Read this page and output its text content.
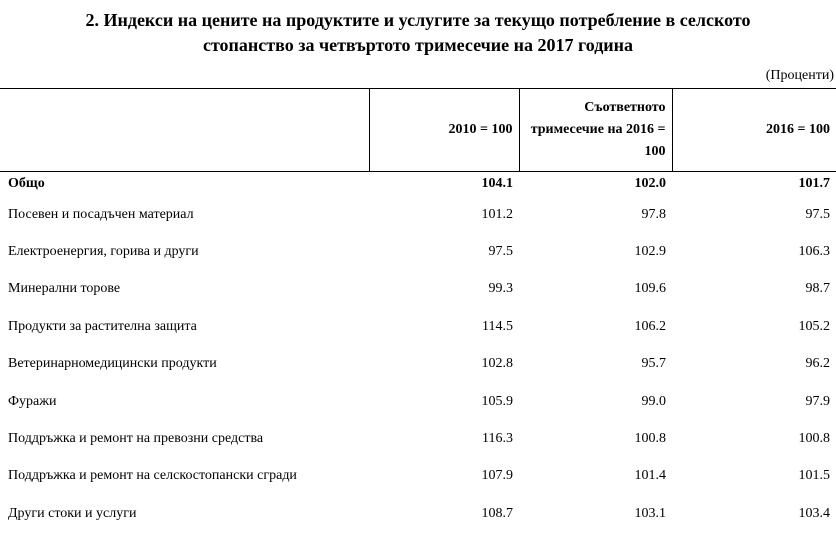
2. Индекси на цените на продуктите и услугите за текущо потребление в селското
стопанство за четвъртото тримесечие на 2017 година
(Проценти)
	2010 = 100	Съответното тримесечие на 2016 = 100	2016 = 100
Общо	104.1	102.0	101.7
Посевен и посадъчен материал	101.2	97.8	97.5
Електроенергия, горива и други	97.5	102.9	106.3
Минерални торове	99.3	109.6	98.7
Продукти за растителна защита	114.5	106.2	105.2
Ветеринарномедицински продукти	102.8	95.7	96.2
Фуражи	105.9	99.0	97.9
Поддръжка и ремонт на превозни средства	116.3	100.8	100.8
Поддръжка и ремонт на селскостопански сгради	107.9	101.4	101.5
Други стоки и услуги	108.7	103.1	103.4
